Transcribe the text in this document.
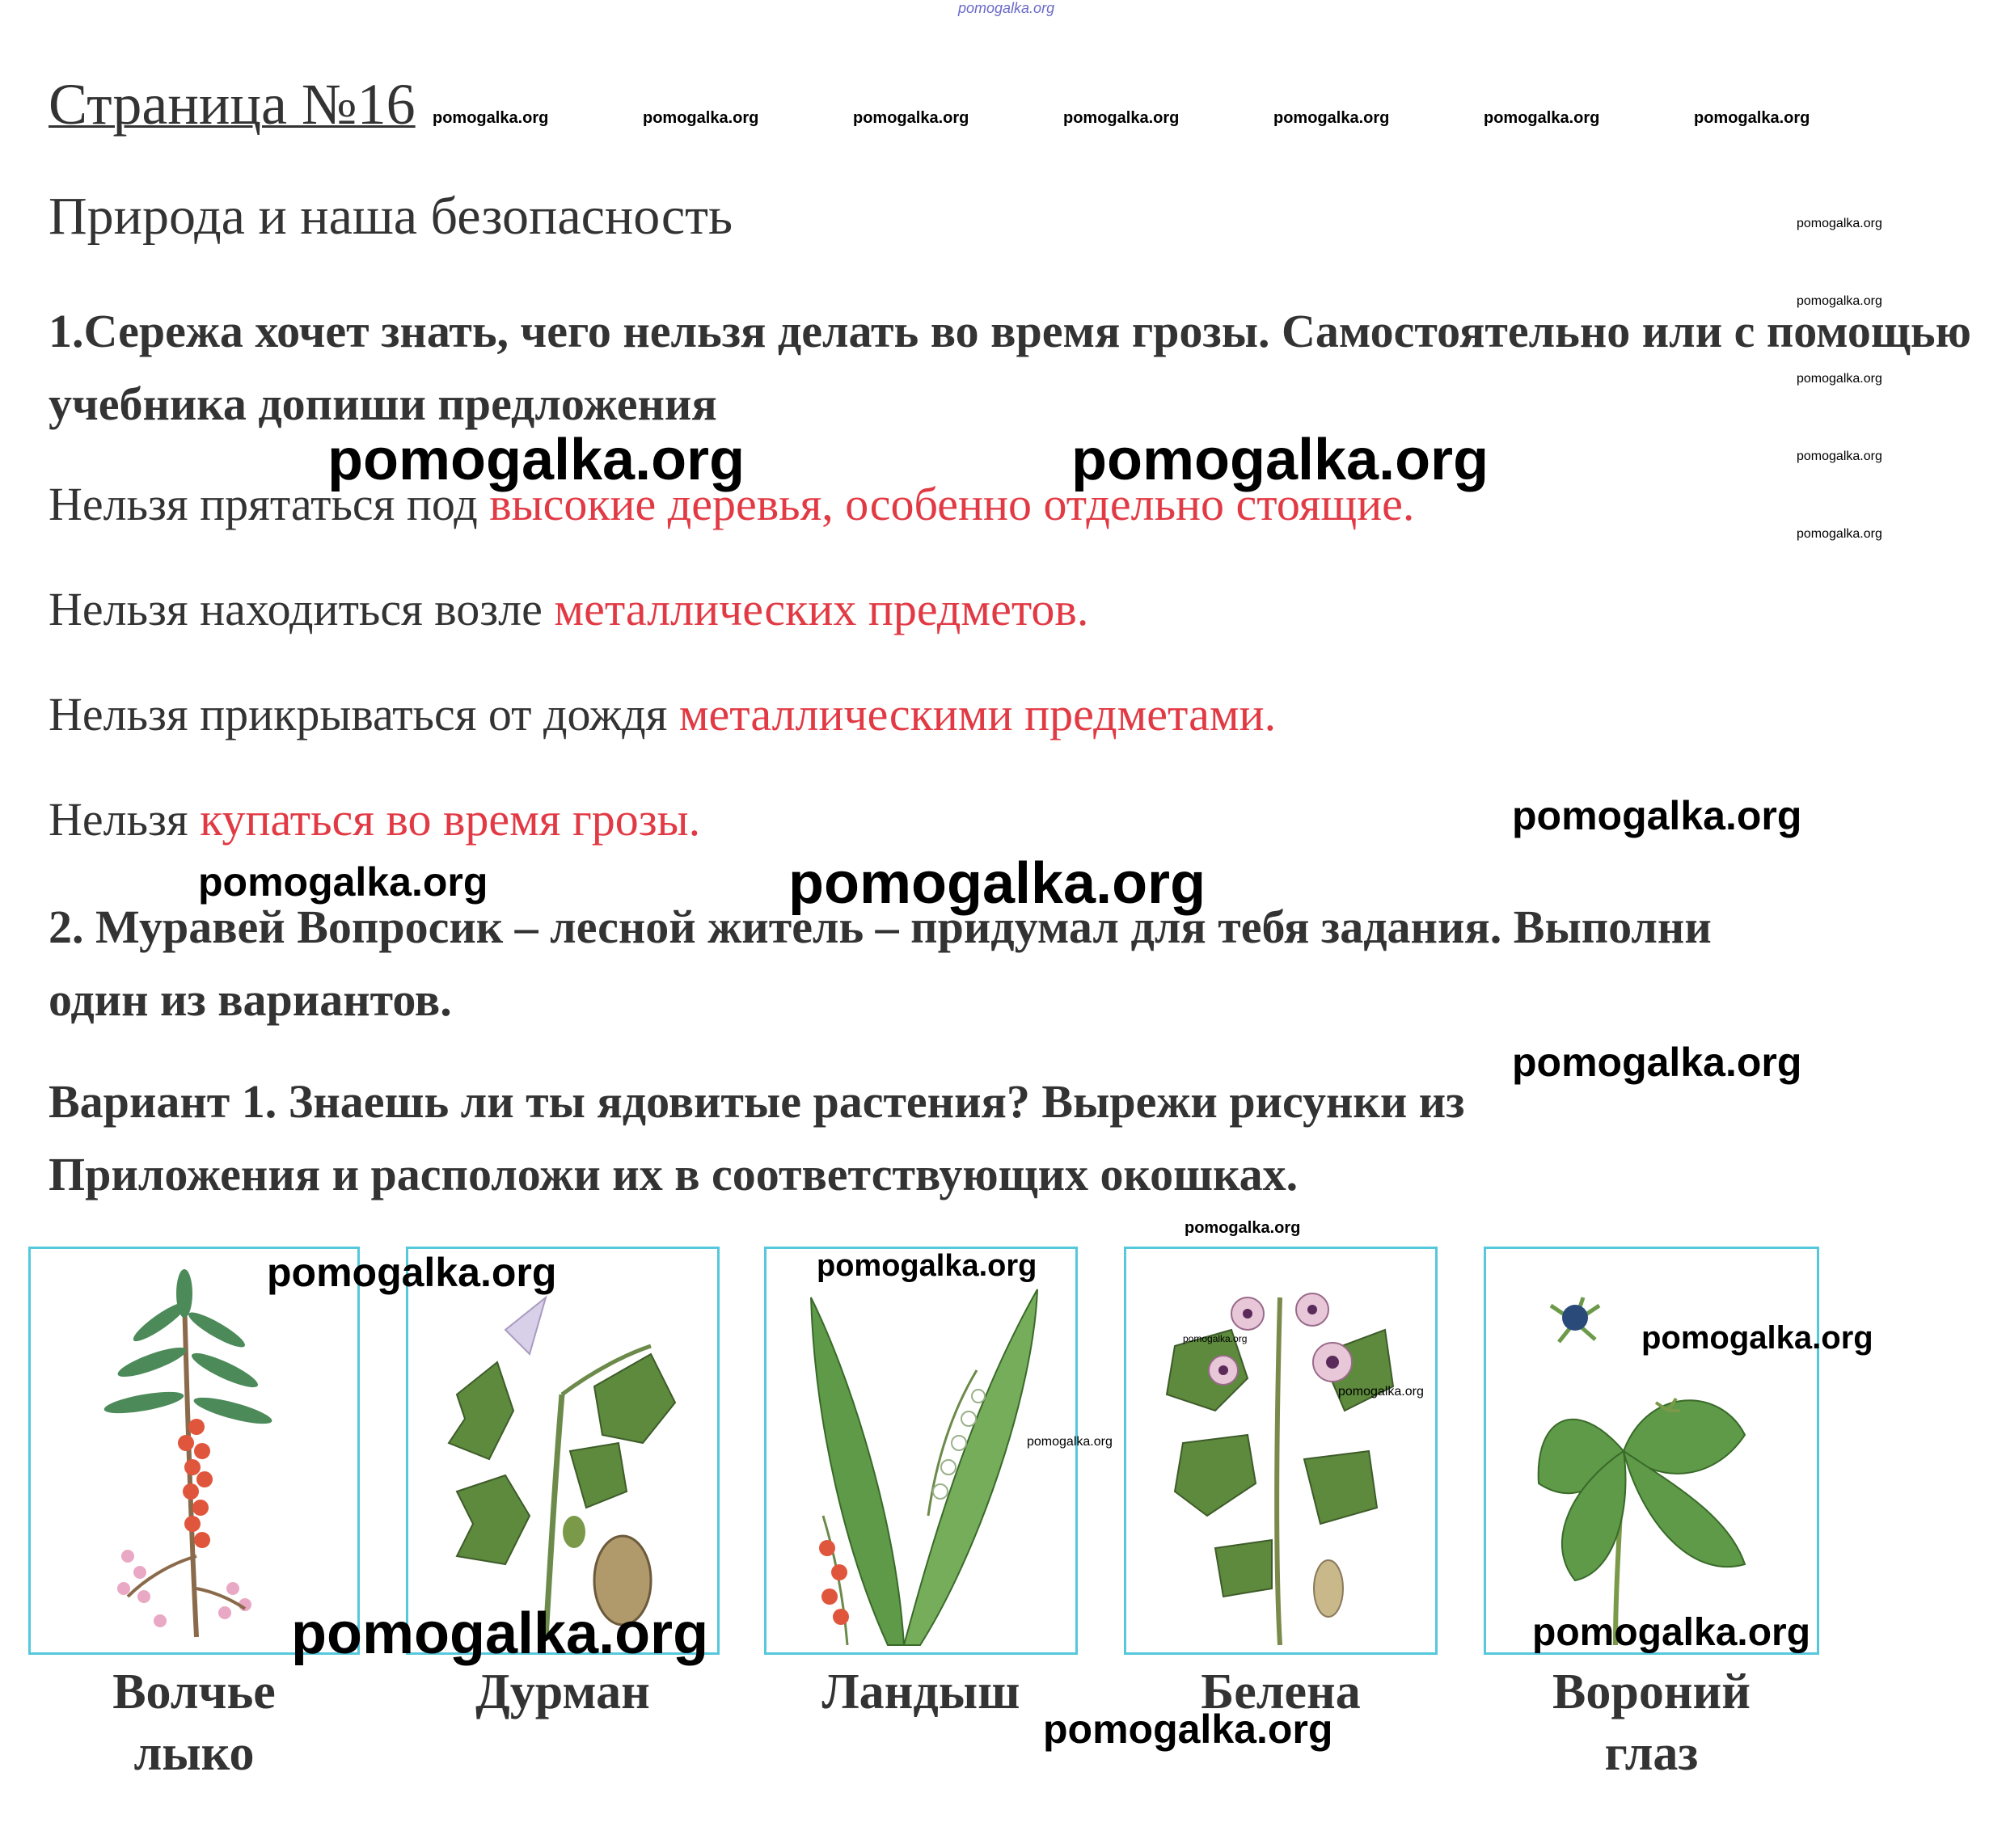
pomogalka.org
Страница №16 pomogalka.org	pomogalka.org	pomogalka.org	pomogalka.org	pomogalka.org	pomogalka.org	pomogalka.org
Природа и наша безопасность	pomogalka.org
pomogalka.org
pomogalka.org
pomogalka.org
pomogalka.org
1.Сережа хочет знать, чего нельзя делать во время грозы. Самостоятельно или с помощью учебника допиши предложения
Нельзя прятаться под высокие деревья, особенно отдельно стоящие.
Нельзя находиться возле металлических предметов.
Нельзя прикрываться от дождя металлическими предметами.
Нельзя купаться во время грозы.
pomogalka.org	pomogalka.org
pomogalka.org
pomogalka.org	pomogalka.org
2. Муравей Вопросик – лесной житель – придумал для тебя задания. Выполни
один из вариантов.
pomogalka.org
Вариант 1. Знаешь ли ты ядовитые растения? Вырежи рисунки из
Приложения и расположи их в соответствующих окошках.
pomogalka.org
pomogalka.org
pomogalka.org
pomogalka.org	pomogalka.org
pomogalka.org
pomogalka.org
pomogalka.org	pomogalka.org
Волчье
лыко
Дурман	Ландыш	Белена	Вороний
глаз
pomogalka.org
